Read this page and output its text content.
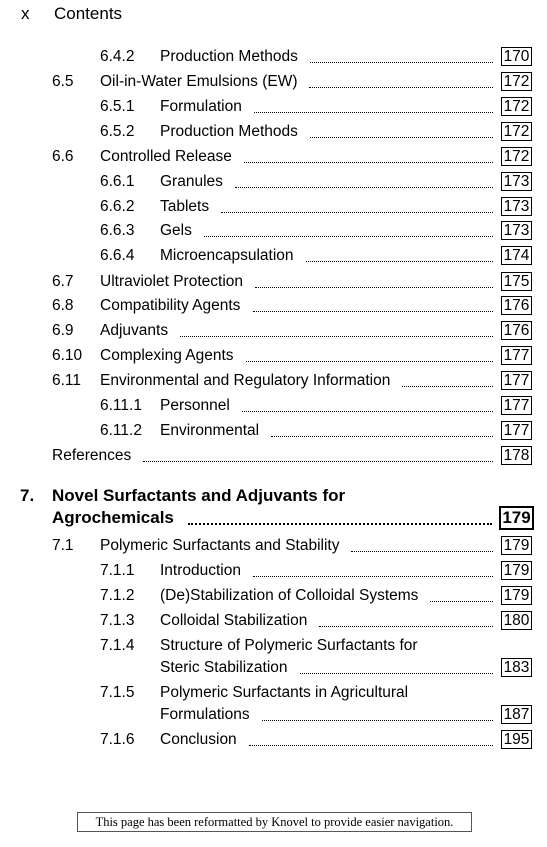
x Contents
6.4.2 Production Methods	170
6.5 Oil-in-Water Emulsions (EW)	172
6.5.1 Formulation	172
6.5.2 Production Methods	172
6.6 Controlled Release	172
6.6.1 Granules	173
6.6.2 Tablets	173
6.6.3 Gels	173
6.6.4 Microencapsulation	174
6.7 Ultraviolet Protection	175
6.8 Compatibility Agents	176
6.9 Adjuvants	176
6.10 Complexing Agents	177
6.11 Environmental and Regulatory Information	177
6.11.1 Personnel	177
6.11.2 Environmental	177
References	178
7. Novel Surfactants and Adjuvants for
Agrochemicals	179
7.1 Polymeric Surfactants and Stability	179
7.1.1 Introduction	179
7.1.2 (De)Stabilization of Colloidal Systems	179
7.1.3 Colloidal Stabilization	180
7.1.4 Structure of Polymeric Surfactants for
Steric Stabilization	183
7.1.5 Polymeric Surfactants in Agricultural
Formulations	187
7.1.6 Conclusion	195
This page has been reformatted by Knovel to provide easier navigation.
